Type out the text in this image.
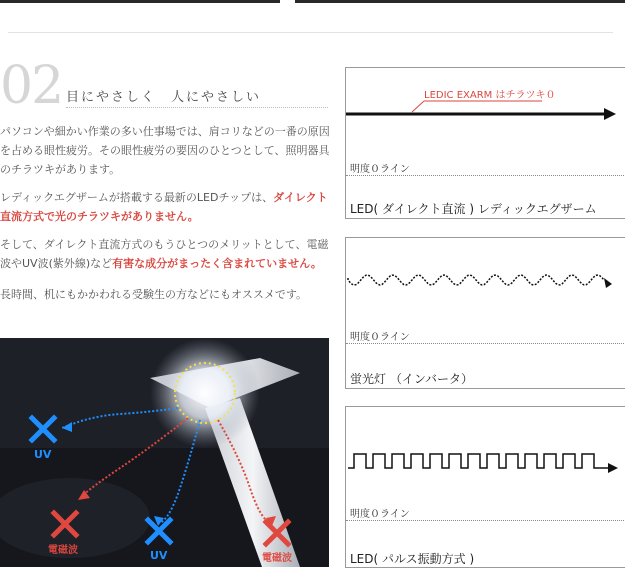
02 目にやさしく　人にやさしい

パソコンや細かい作業の多い仕事場では、肩コリなどの一番の原因を占める眼性疲労。その眼性疲労の要因のひとつとして、照明器具のチラツキがあります。

レディックエグザームが搭載する最新のLEDチップは、ダイレクト直流方式で光のチラツキがありません。

そして、ダイレクト直流方式のもうひとつのメリットとして、電磁波やUV波(紫外線)など有害な成分がまったく含まれていません。

長時間、机にもかかわれる受験生の方などにもオススメです。

UV
電磁波	UV	電磁波
LEDIC EXARM はチラツキ０
明度０ライン
LED( ダイレクト直流 ) レディックエグザーム
明度０ライン
蛍光灯 （インバータ）
明度０ライン
LED( パルス振動方式 )
